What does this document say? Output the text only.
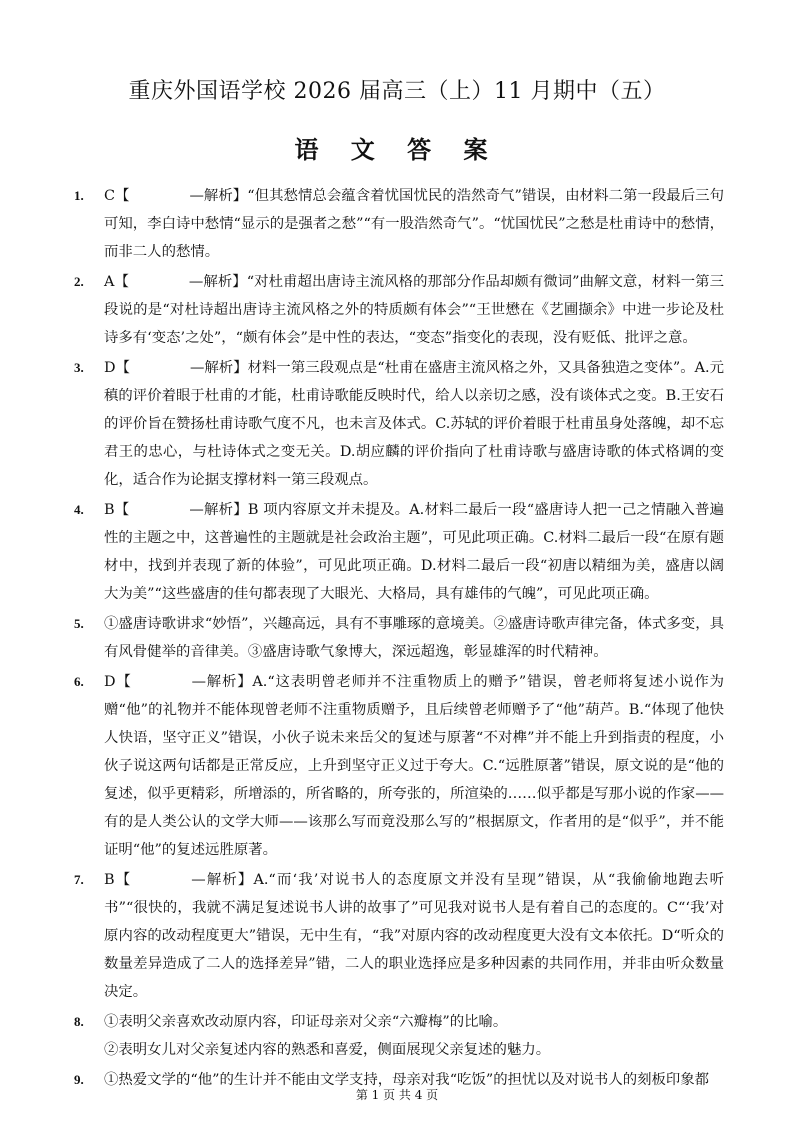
重庆外国语学校 2026 届高三（上）11 月期中（五）
语 文 答 案
1. C【	—解析】“但其愁情总会蕴含着忧国忧民的浩然奇气”错误，由材料二第一段最后三句可知，李白诗中愁情“显示的是强者之愁”“有一股浩然奇气”。“忧国忧民”之愁是杜甫诗中的愁情，而非二人的愁情。
2. A【	—解析】“对杜甫超出唐诗主流风格的那部分作品却颇有微词”曲解文意，材料一第三段说的是“对杜诗超出唐诗主流风格之外的特质颇有体会”“王世懋在《艺圃撷余》中进一步论及杜诗多有‘变态’之处”，“颇有体会”是中性的表达，“变态”指变化的表现，没有贬低、批评之意。
3. D【	—解析】材料一第三段观点是“杜甫在盛唐主流风格之外，又具备独造之变体”。A.元稹的评价着眼于杜甫的才能，杜甫诗歌能反映时代，给人以亲切之感，没有谈体式之变。B.王安石的评价旨在赞扬杜甫诗歌气度不凡，也未言及体式。C.苏轼的评价着眼于杜甫虽身处落魄，却不忘君王的忠心，与杜诗体式之变无关。D.胡应麟的评价指向了杜甫诗歌与盛唐诗歌的体式格调的变化，适合作为论据支撑材料一第三段观点。
4. B【	—解析】B 项内容原文并未提及。A.材料二最后一段“盛唐诗人把一己之情融入普遍性的主题之中，这普遍性的主题就是社会政治主题”，可见此项正确。C.材料二最后一段“在原有题材中，找到并表现了新的体验”，可见此项正确。D.材料二最后一段“初唐以精细为美，盛唐以阔大为美”“这些盛唐的佳句都表现了大眼光、大格局，具有雄伟的气魄”，可见此项正确。
5. ①盛唐诗歌讲求“妙悟”，兴趣高远，具有不事雕琢的意境美。②盛唐诗歌声律完备，体式多变，具有风骨健举的音律美。③盛唐诗歌气象博大，深远超逸，彰显雄浑的时代精神。
6. D【	—解析】A.“这表明曾老师并不注重物质上的赠予”错误，曾老师将复述小说作为赠“他”的礼物并不能体现曾老师不注重物质赠予，且后续曾老师赠予了“他”葫芦。B.“体现了他快人快语，坚守正义”错误，小伙子说未来岳父的复述与原著“不对榫”并不能上升到指责的程度，小伙子说这两句话都是正常反应，上升到坚守正义过于夸大。C.“远胜原著”错误，原文说的是“他的复述，似乎更精彩，所增添的，所省略的，所夸张的，所渲染的……似乎都是写那小说的作家——有的是人类公认的文学大师——该那么写而竟没那么写的”根据原文，作者用的是“似乎”，并不能证明“他”的复述远胜原著。
7. B【	—解析】A.“而‘我’对说书人的态度原文并没有呈现”错误，从“我偷偷地跑去听书”“很快的，我就不满足复述说书人讲的故事了”可见我对说书人是有着自己的态度的。C“‘我’对原内容的改动程度更大”错误，无中生有，“我”对原内容的改动程度更大没有文本依托。D“听众的数量差异造成了二人的选择差异”错，二人的职业选择应是多种因素的共同作用，并非由听众数量决定。
8. ①表明父亲喜欢改动原内容，印证母亲对父亲“六瓣梅”的比喻。
②表明女儿对父亲复述内容的熟悉和喜爱，侧面展现父亲复述的魅力。
9. ①热爱文学的“他”的生计并不能由文学支持，母亲对我“吃饭”的担忧以及对说书人的刻板印象都
第 1 页 共 4 页
